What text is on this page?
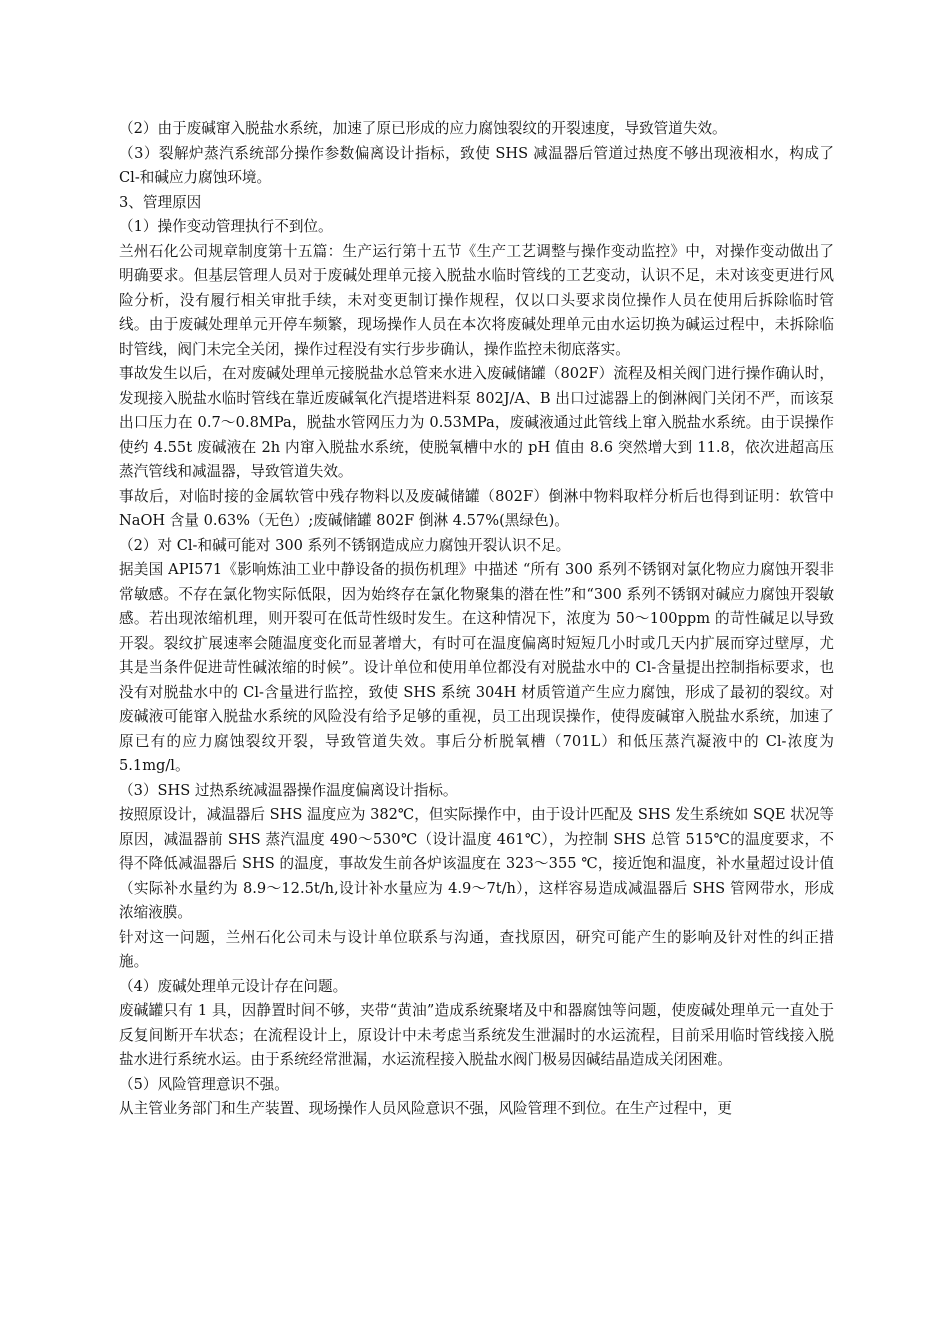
（2）由于废碱窜入脱盐水系统，加速了原已形成的应力腐蚀裂纹的开裂速度，导致管道失效。

（3）裂解炉蒸汽系统部分操作参数偏离设计指标，致使 SHS 减温器后管道过热度不够出现液相水，构成了 Cl-和碱应力腐蚀环境。

3、管理原因

（1）操作变动管理执行不到位。

兰州石化公司规章制度第十五篇：生产运行第十五节《生产工艺调整与操作变动监控》中，对操作变动做出了明确要求。但基层管理人员对于废碱处理单元接入脱盐水临时管线的工艺变动，认识不足，未对该变更进行风险分析，没有履行相关审批手续，未对变更制订操作规程，仅以口头要求岗位操作人员在使用后拆除临时管线。由于废碱处理单元开停车频繁，现场操作人员在本次将废碱处理单元由水运切换为碱运过程中，未拆除临时管线，阀门未完全关闭，操作过程没有实行步步确认，操作监控未彻底落实。

事故发生以后，在对废碱处理单元接脱盐水总管来水进入废碱储罐（802F）流程及相关阀门进行操作确认时，发现接入脱盐水临时管线在靠近废碱氧化汽提塔进料泵 802J/A、B 出口过滤器上的倒淋阀门关闭不严，而该泵出口压力在 0.7～0.8MPa，脱盐水管网压力为 0.53MPa，废碱液通过此管线上窜入脱盐水系统。由于误操作使约 4.55t 废碱液在 2h 内窜入脱盐水系统，使脱氧槽中水的 pH 值由 8.6 突然增大到 11.8，依次进超高压蒸汽管线和减温器，导致管道失效。

事故后，对临时接的金属软管中残存物料以及废碱储罐（802F）倒淋中物料取样分析后也得到证明：软管中 NaOH 含量 0.63%（无色）;废碱储罐 802F 倒淋 4.57%(黑绿色)。

（2）对 Cl-和碱可能对 300 系列不锈钢造成应力腐蚀开裂认识不足。

据美国 API571《影响炼油工业中静设备的损伤机理》中描述 “所有 300 系列不锈钢对氯化物应力腐蚀开裂非常敏感。不存在氯化物实际低限，因为始终存在氯化物聚集的潜在性”和“300 系列不锈钢对碱应力腐蚀开裂敏感。若出现浓缩机理，则开裂可在低苛性级时发生。在这种情况下，浓度为 50～100ppm 的苛性碱足以导致开裂。裂纹扩展速率会随温度变化而显著增大，有时可在温度偏离时短短几小时或几天内扩展而穿过壁厚，尤其是当条件促进苛性碱浓缩的时候”。设计单位和使用单位都没有对脱盐水中的 Cl-含量提出控制指标要求，也没有对脱盐水中的 Cl-含量进行监控，致使 SHS 系统 304H 材质管道产生应力腐蚀，形成了最初的裂纹。对废碱液可能窜入脱盐水系统的风险没有给予足够的重视，员工出现误操作，使得废碱窜入脱盐水系统，加速了原已有的应力腐蚀裂纹开裂，导致管道失效。事后分析脱氧槽（701L）和低压蒸汽凝液中的 Cl-浓度为 5.1mg/l。

（3）SHS 过热系统减温器操作温度偏离设计指标。

按照原设计，减温器后 SHS 温度应为 382℃，但实际操作中，由于设计匹配及 SHS 发生系统如 SQE 状况等原因，减温器前 SHS 蒸汽温度 490～530℃（设计温度 461℃），为控制 SHS 总管 515℃的温度要求，不得不降低减温器后 SHS 的温度，事故发生前各炉该温度在 323～355 ℃，接近饱和温度，补水量超过设计值（实际补水量约为 8.9～12.5t/h,设计补水量应为 4.9～7t/h），这样容易造成减温器后 SHS 管网带水，形成浓缩液膜。

针对这一问题，兰州石化公司未与设计单位联系与沟通，查找原因，研究可能产生的影响及针对性的纠正措施。

（4）废碱处理单元设计存在问题。

废碱罐只有 1 具，因静置时间不够，夹带“黄油”造成系统聚堵及中和器腐蚀等问题，使废碱处理单元一直处于反复间断开车状态；在流程设计上，原设计中未考虑当系统发生泄漏时的水运流程，目前采用临时管线接入脱盐水进行系统水运。由于系统经常泄漏，水运流程接入脱盐水阀门极易因碱结晶造成关闭困难。

（5）风险管理意识不强。

从主管业务部门和生产装置、现场操作人员风险意识不强，风险管理不到位。在生产过程中，更
